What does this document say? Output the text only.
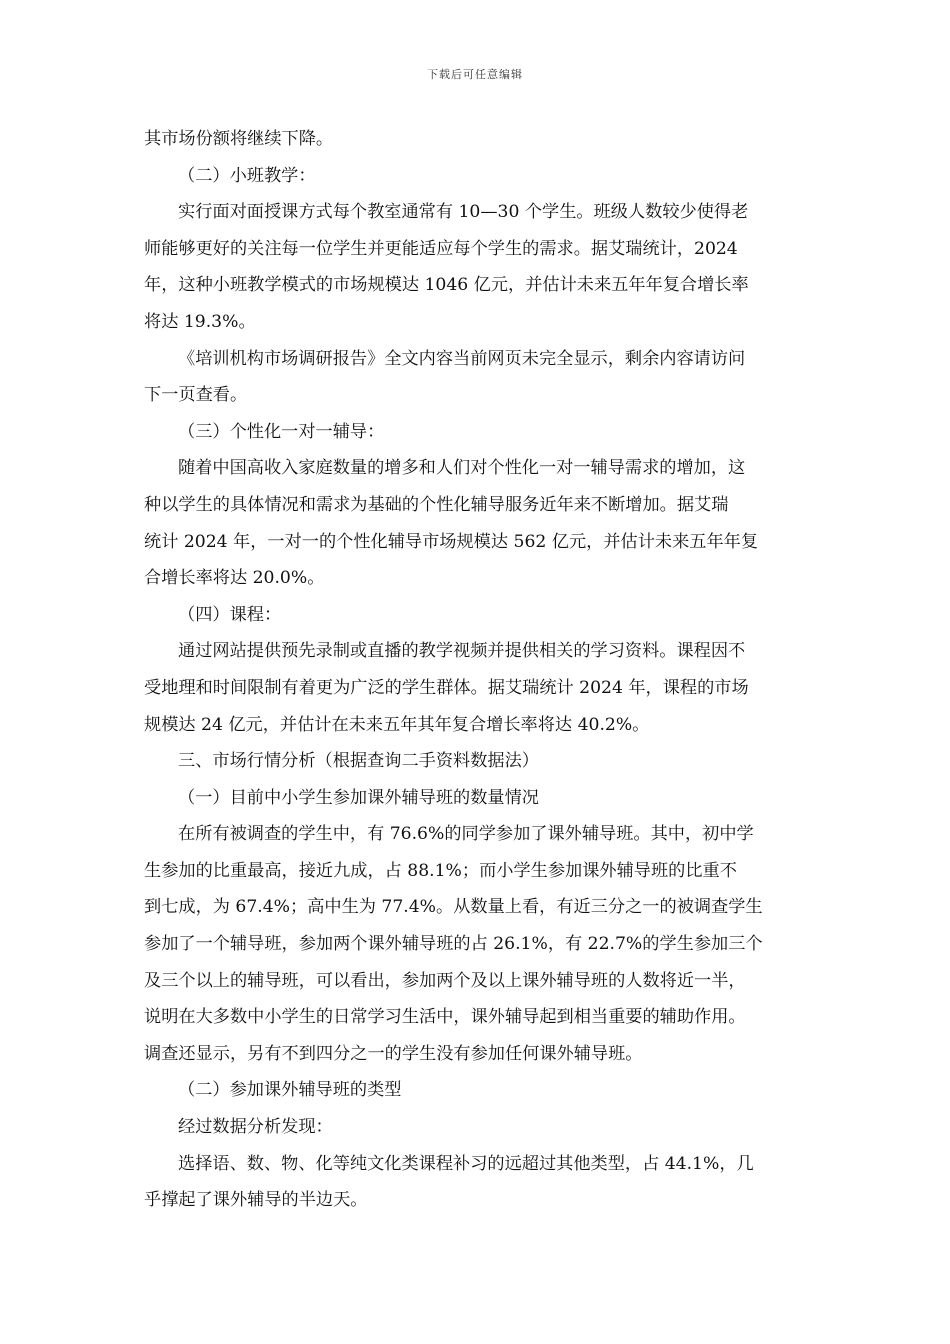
下载后可任意编辑

其市场份额将继续下降。

（二）小班教学：

实行面对面授课方式每个教室通常有 10—30 个学生。班级人数较少使得老

师能够更好的关注每一位学生并更能适应每个学生的需求。据艾瑞统计，2024

年，这种小班教学模式的市场规模达 1046 亿元，并估计未来五年年复合增长率

将达 19.3%。

《培训机构市场调研报告》全文内容当前网页未完全显示，剩余内容请访问

下一页查看。

（三）个性化一对一辅导：

随着中国高收入家庭数量的增多和人们对个性化一对一辅导需求的增加，这

种以学生的具体情况和需求为基础的个性化辅导服务近年来不断增加。据艾瑞

统计 2024 年，一对一的个性化辅导市场规模达 562 亿元，并估计未来五年年复

合增长率将达 20.0%。

（四）课程：

通过网站提供预先录制或直播的教学视频并提供相关的学习资料。课程因不

受地理和时间限制有着更为广泛的学生群体。据艾瑞统计 2024 年，课程的市场

规模达 24 亿元，并估计在未来五年其年复合增长率将达 40.2%。

三、市场行情分析（根据查询二手资料数据法）

（一）目前中小学生参加课外辅导班的数量情况

在所有被调查的学生中，有 76.6%的同学参加了课外辅导班。其中，初中学

生参加的比重最高，接近九成，占 88.1%；而小学生参加课外辅导班的比重不

到七成，为 67.4%；高中生为 77.4%。从数量上看，有近三分之一的被调查学生

参加了一个辅导班，参加两个课外辅导班的占 26.1%，有 22.7%的学生参加三个

及三个以上的辅导班，可以看出，参加两个及以上课外辅导班的人数将近一半，

说明在大多数中小学生的日常学习生活中，课外辅导起到相当重要的辅助作用。

调查还显示，另有不到四分之一的学生没有参加任何课外辅导班。

（二）参加课外辅导班的类型

经过数据分析发现：

选择语、数、物、化等纯文化类课程补习的远超过其他类型，占 44.1%，几

乎撑起了课外辅导的半边天。
